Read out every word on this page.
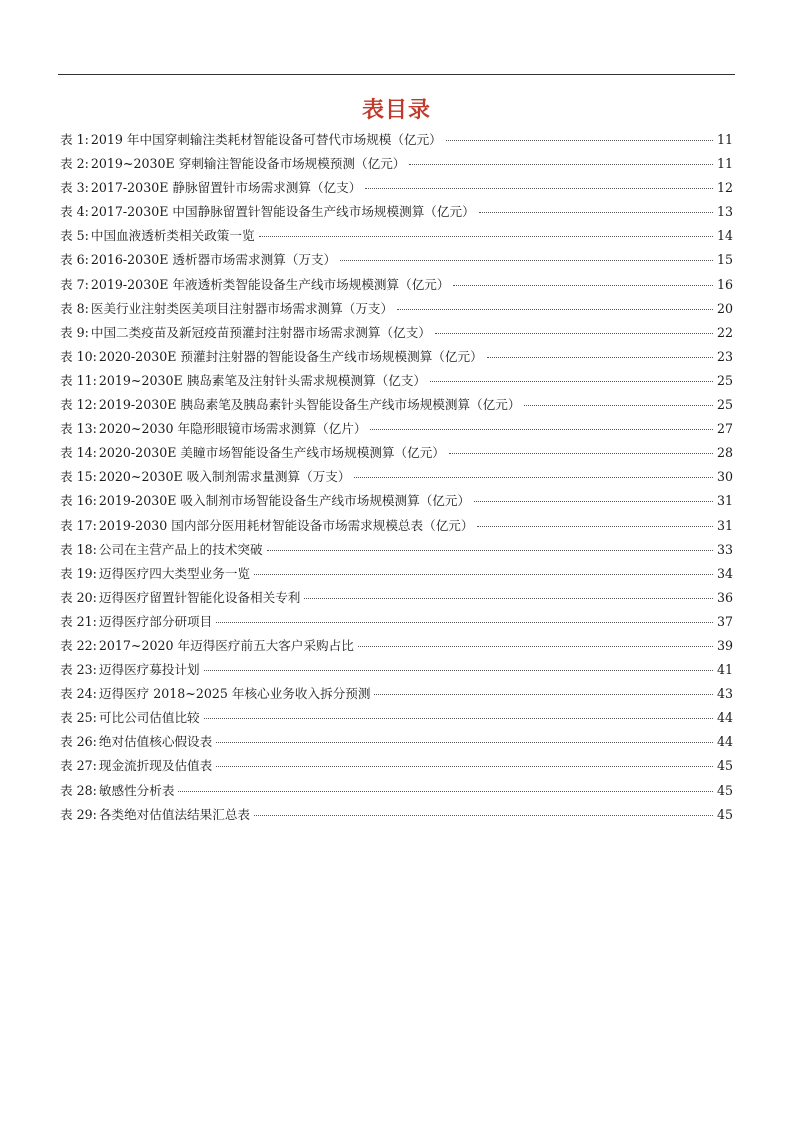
表目录
表 1: 2019 年中国穿刺输注类耗材智能设备可替代市场规模（亿元）	11
表 2: 2019~2030E 穿刺输注智能设备市场规模预测（亿元）	11
表 3: 2017-2030E 静脉留置针市场需求测算（亿支）	12
表 4: 2017-2030E 中国静脉留置针智能设备生产线市场规模测算（亿元）	13
表 5: 中国血液透析类相关政策一览	14
表 6: 2016-2030E 透析器市场需求测算（万支）	15
表 7: 2019-2030E 年液透析类智能设备生产线市场规模测算（亿元）	16
表 8: 医美行业注射类医美项目注射器市场需求测算（万支）	20
表 9: 中国二类疫苗及新冠疫苗预灌封注射器市场需求测算（亿支）	22
表 10: 2020-2030E 预灌封注射器的智能设备生产线市场规模测算（亿元）	23
表 11: 2019~2030E 胰岛素笔及注射针头需求规模测算（亿支）	25
表 12: 2019-2030E 胰岛素笔及胰岛素针头智能设备生产线市场规模测算（亿元）	25
表 13: 2020~2030 年隐形眼镜市场需求测算（亿片）	27
表 14: 2020-2030E 美瞳市场智能设备生产线市场规模测算（亿元）	28
表 15: 2020~2030E 吸入制剂需求量测算（万支）	30
表 16: 2019-2030E 吸入制剂市场智能设备生产线市场规模测算（亿元）	31
表 17: 2019-2030 国内部分医用耗材智能设备市场需求规模总表（亿元）	31
表 18: 公司在主营产品上的技术突破	33
表 19: 迈得医疗四大类型业务一览	34
表 20: 迈得医疗留置针智能化设备相关专利	36
表 21: 迈得医疗部分研项目	37
表 22: 2017~2020 年迈得医疗前五大客户采购占比	39
表 23: 迈得医疗募投计划	41
表 24: 迈得医疗 2018~2025 年核心业务收入拆分预测	43
表 25: 可比公司估值比较	44
表 26: 绝对估值核心假设表	44
表 27: 现金流折现及估值表	45
表 28: 敏感性分析表	45
表 29: 各类绝对估值法结果汇总表	45
